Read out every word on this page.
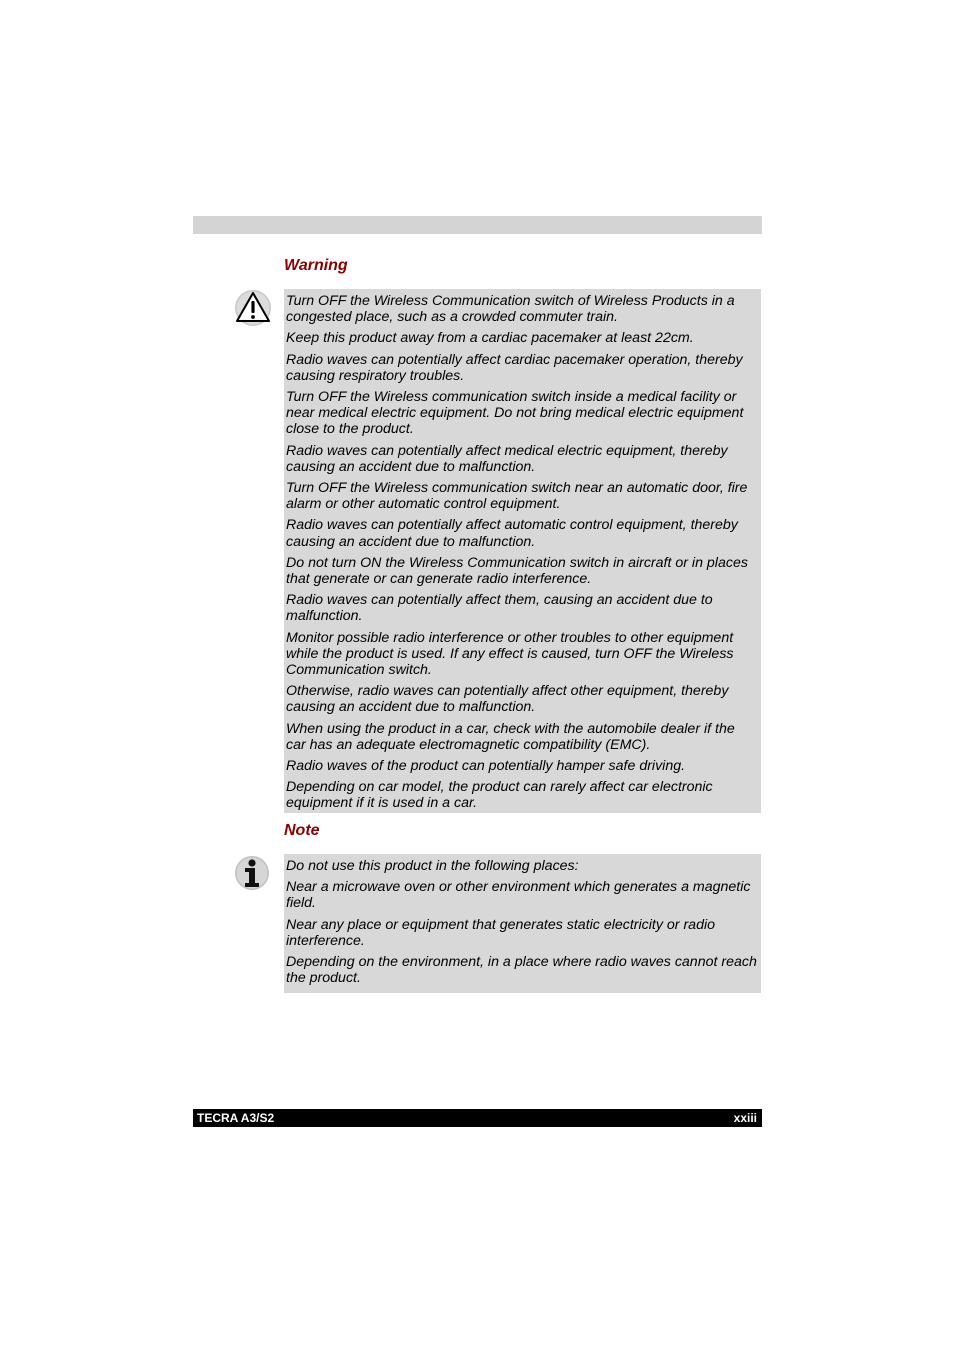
Warning

Turn OFF the Wireless Communication switch of Wireless Products in a congested place, such as a crowded commuter train.

Keep this product away from a cardiac pacemaker at least 22cm.

Radio waves can potentially affect cardiac pacemaker operation, thereby causing respiratory troubles.

Turn OFF the Wireless communication switch inside a medical facility or near medical electric equipment. Do not bring medical electric equipment close to the product.

Radio waves can potentially affect medical electric equipment, thereby causing an accident due to malfunction.

Turn OFF the Wireless communication switch near an automatic door, fire alarm or other automatic control equipment.

Radio waves can potentially affect automatic control equipment, thereby causing an accident due to malfunction.

Do not turn ON the Wireless Communication switch in aircraft or in places that generate or can generate radio interference.

Radio waves can potentially affect them, causing an accident due to malfunction.

Monitor possible radio interference or other troubles to other equipment while the product is used. If any effect is caused, turn OFF the Wireless Communication switch.

Otherwise, radio waves can potentially affect other equipment, thereby causing an accident due to malfunction.

When using the product in a car, check with the automobile dealer if the car has an adequate electromagnetic compatibility (EMC).

Radio waves of the product can potentially hamper safe driving.

Depending on car model, the product can rarely affect car electronic equipment if it is used in a car.

Note

Do not use this product in the following places:

Near a microwave oven or other environment which generates a magnetic field.

Near any place or equipment that generates static electricity or radio interference.

Depending on the environment, in a place where radio waves cannot reach the product.

TECRA A3/S2	xxiii
